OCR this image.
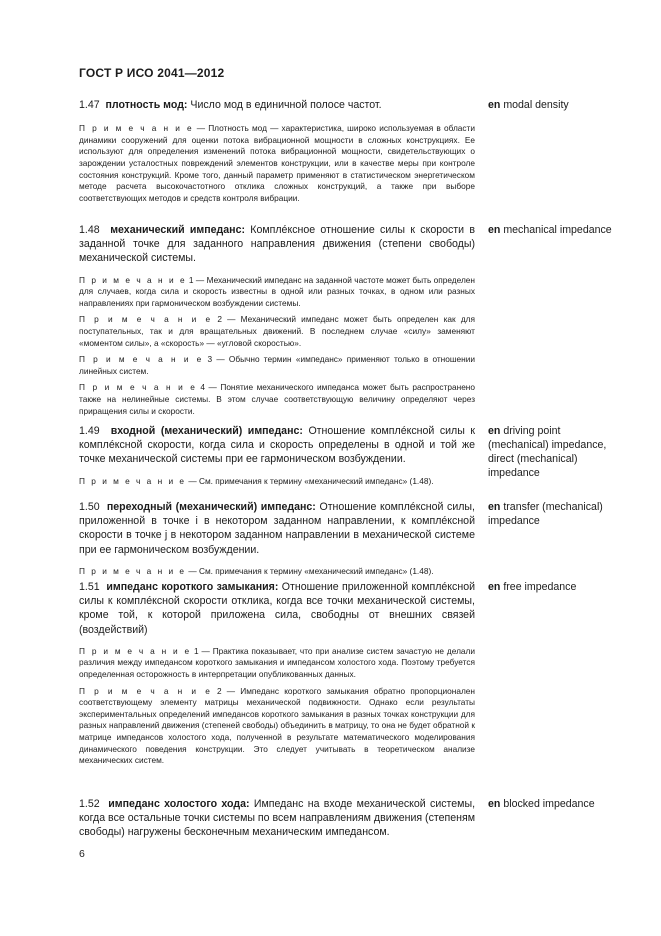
ГОСТ Р ИСО 2041—2012
1.47 плотность мод: Число мод в единичной полосе частот.
П р и м е ч а н и е — Плотность мод — характеристика, широко используемая в области динамики сооружений для оценки потока вибрационной мощности в сложных конструкциях. Ее используют для определения изменений потока вибрационной мощности, свидетельствующих о зарождении усталостных повреждений элементов конструкции, или в качестве меры при контроле состояния конструкций. Кроме того, данный параметр применяют в статистическом энергетическом методе расчета высокочастотного отклика сложных конструкций, а также при выборе соответствующих методов и средств контроля вибрации.
en modal density
1.48 механический импеданс: Комплéксное отношение силы к скорости в заданной точке для заданного направления движения (степени свободы) механической системы.
П р и м е ч а н и е 1 — Механический импеданс на заданной частоте может быть определен для случаев, когда сила и скорость известны в одной или разных точках, в одном или разных направлениях при гармоническом возбуждении системы.
П р и м е ч а н и е 2 — Механический импеданс может быть определен как для поступательных, так и для вращательных движений. В последнем случае «силу» заменяют «моментом силы», а «скорость» — «угловой скоростью».
П р и м е ч а н и е 3 — Обычно термин «импеданс» применяют только в отношении линейных систем.
П р и м е ч а н и е 4 — Понятие механического импеданса может быть распространено также на нелинейные системы. В этом случае соответствующую величину определяют через приращения силы и скорости.
en mechanical impedance
1.49 входной (механический) импеданс: Отношение комплéксной силы к комплéксной скорости, когда сила и скорость определены в одной и той же точке механической системы при ее гармоническом возбуждении.
П р и м е ч а н и е — См. примечания к термину «механический импеданс» (1.48).
en driving point (mechanical) impedance, direct (mechanical) impedance
1.50 переходный (механический) импеданс: Отношение комплéксной силы, приложенной в точке i в некотором заданном направлении, к комплéксной скорости в точке j в некотором заданном направлении в механической системе при ее гармоническом возбуждении.
П р и м е ч а н и е — См. примечания к термину «механический импеданс» (1.48).
en transfer (mechanical) impedance
1.51 импеданс короткого замыкания: Отношение приложенной комплéксной силы к комплéксной скорости отклика, когда все точки механической системы, кроме той, к которой приложена сила, свободны от внешних связей (воздействий)
П р и м е ч а н и е 1 — Практика показывает, что при анализе систем зачастую не делали различия между импедансом короткого замыкания и импедансом холостого хода. Поэтому требуется определенная осторожность в интерпретации опубликованных данных.
П р и м е ч а н и е 2 — Импеданс короткого замыкания обратно пропорционален соответствующему элементу матрицы механической подвижности. Однако если результаты экспериментальных определений импедансов короткого замыкания в разных точках конструкции для разных направлений движения (степеней свободы) объединить в матрицу, то она не будет обратной к матрице импедансов холостого хода, полученной в результате математического моделирования динамического поведения конструкции. Это следует учитывать в теоретическом анализе механических систем.
en free impedance
1.52 импеданс холостого хода: Импеданс на входе механической системы, когда все остальные точки системы по всем направлениям движения (степеням свободы) нагружены бесконечным механическим импедансом.
en blocked impedance
6
